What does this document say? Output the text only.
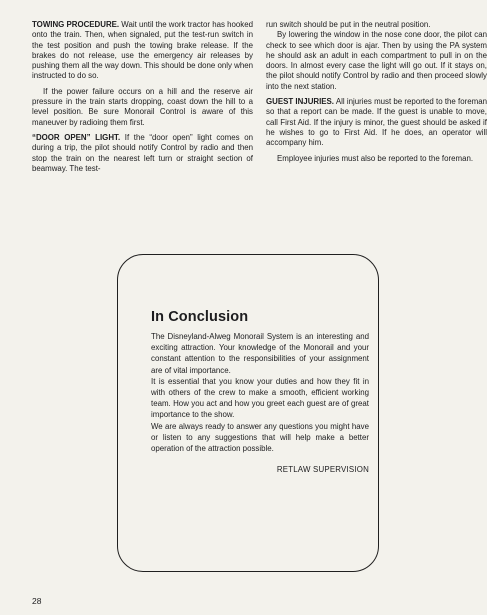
TOWING PROCEDURE. Wait until the work tractor has hooked onto the train. Then, when signaled, put the test-run switch in the test position and push the towing brake release. If the brakes do not release, use the emergency air releases by pushing them all the way down. This should be done only when instructed to do so.

If the power failure occurs on a hill and the reserve air pressure in the train starts dropping, coast down the hill to a level position. Be sure Monorail Control is aware of this maneuver by radioing them first.

“DOOR OPEN” LIGHT. If the “door open” light comes on during a trip, the pilot should notify Control by radio and then stop the train on the nearest left turn or straight section of beamway. The test-

run switch should be put in the neutral position.

By lowering the window in the nose cone door, the pilot can check to see which door is ajar. Then by using the PA system he should ask an adult in each compartment to pull in on the doors. In almost every case the light will go out. If it stays on, the pilot should notify Control by radio and then proceed slowly into the next station.

GUEST INJURIES. All injuries must be reported to the foreman so that a report can be made. If the guest is unable to move, call First Aid. If the injury is minor, the guest should be asked if he wishes to go to First Aid. If he does, an operator will accompany him.

Employee injuries must also be reported to the foreman.

In Conclusion

The Disneyland-Alweg Monorail System is an interesting and exciting attraction. Your knowledge of the Monorail and your constant attention to the responsibilities of your assignment are of vital importance.

It is essential that you know your duties and how they fit in with others of the crew to make a smooth, efficient working team. How you act and how you greet each guest are of great importance to the show.

We are always ready to answer any questions you might have or listen to any suggestions that will help make a better operation of the attraction possible.

RETLAW SUPERVISION
28
